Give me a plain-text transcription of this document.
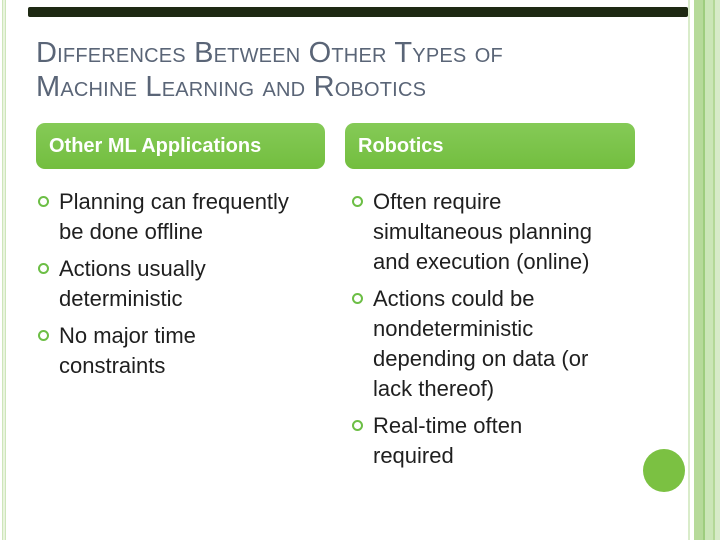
Differences Between Other Types of
Machine Learning and Robotics
Other ML Applications	Robotics
Planning can frequently
be done offline
Actions usually
deterministic
No major time
constraints
Often require
simultaneous planning
and execution (online)
Actions could be
nondeterministic
depending on data (or
lack thereof)
Real-time often
required
